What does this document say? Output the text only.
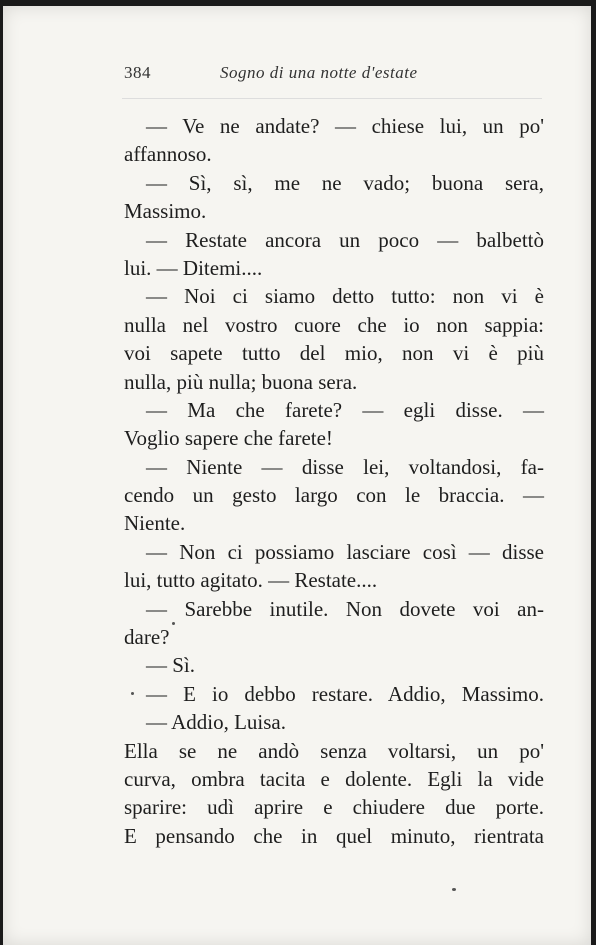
384	Sogno di una notte d'estate
— Ve ne andate? — chiese lui, un po'
affannoso.
— Sì, sì, me ne vado; buona sera,
Massimo.
— Restate ancora un poco — balbettò
lui. — Ditemi....
— Noi ci siamo detto tutto: non vi è
nulla nel vostro cuore che io non sappia:
voi sapete tutto del mio, non vi è più
nulla, più nulla; buona sera.
— Ma che farete? — egli disse. —
Voglio sapere che farete!
— Niente — disse lei, voltandosi, fa-
cendo un gesto largo con le braccia. —
Niente.
— Non ci possiamo lasciare così — disse
lui, tutto agitato. — Restate....
— Sarebbe inutile. Non dovete voi an-
dare?
— Sì.
— E io debbo restare. Addio, Massimo.
— Addio, Luisa.
Ella se ne andò senza voltarsi, un po'
curva, ombra tacita e dolente. Egli la vide
sparire: udì aprire e chiudere due porte.
E pensando che in quel minuto, rientrata
